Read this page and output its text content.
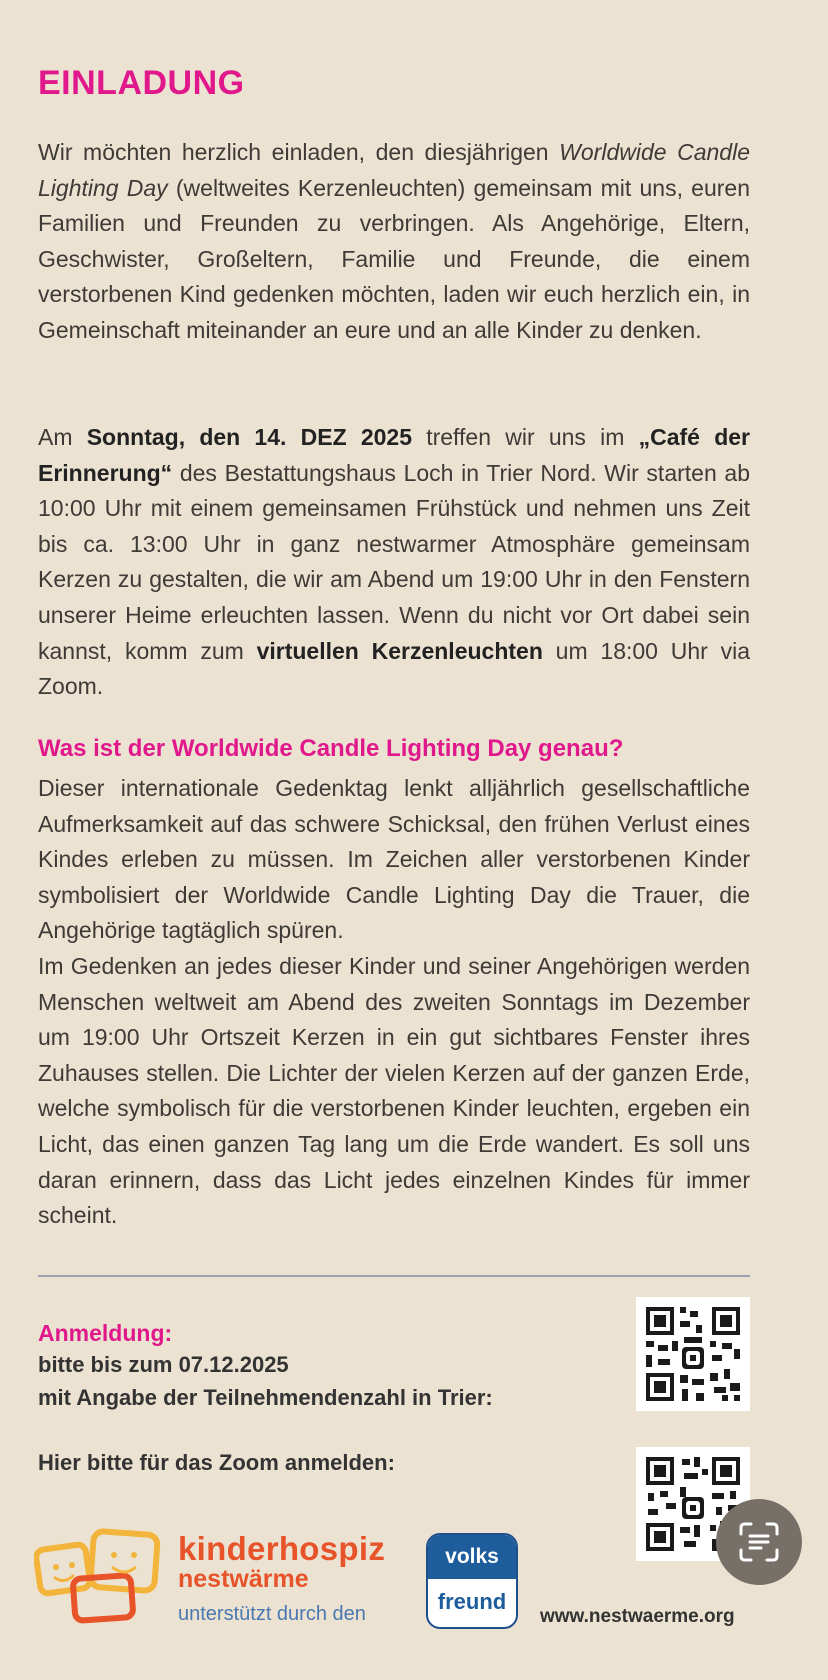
EINLADUNG
Wir möchten herzlich einladen, den diesjährigen Worldwide Candle Lighting Day (weltweites Kerzenleuchten) gemeinsam mit uns, euren Familien und Freunden zu verbringen. Als Angehörige, Eltern, Geschwister, Großeltern, Familie und Freunde, die einem verstorbenen Kind gedenken möchten, laden wir euch herzlich ein, in Gemeinschaft miteinander an eure und an alle Kinder zu denken.
Am Sonntag, den 14. DEZ 2025 treffen wir uns im „Café der Erinnerung“ des Bestattungshaus Loch in Trier Nord. Wir starten ab 10:00 Uhr mit einem gemeinsamen Frühstück und nehmen uns Zeit bis ca. 13:00 Uhr in ganz nestwarmer Atmosphäre gemeinsam Kerzen zu gestalten, die wir am Abend um 19:00 Uhr in den Fenstern unserer Heime erleuchten lassen. Wenn du nicht vor Ort dabei sein kannst, komm zum virtuellen Kerzenleuchten um 18:00 Uhr via Zoom.
Was ist der Worldwide Candle Lighting Day genau?
Dieser internationale Gedenktag lenkt alljährlich gesellschaftliche Aufmerksamkeit auf das schwere Schicksal, den frühen Verlust eines Kindes erleben zu müssen. Im Zeichen aller verstorbenen Kinder symbolisiert der Worldwide Candle Lighting Day die Trauer, die Angehörige tagtäglich spüren.
Im Gedenken an jedes dieser Kinder und seiner Angehörigen werden Menschen weltweit am Abend des zweiten Sonntags im Dezember um 19:00 Uhr Ortszeit Kerzen in ein gut sichtbares Fenster ihres Zuhauses stellen. Die Lichter der vielen Kerzen auf der ganzen Erde, welche symbolisch für die verstorbenen Kinder leuchten, ergeben ein Licht, das einen ganzen Tag lang um die Erde wandert. Es soll uns daran erinnern, dass das Licht jedes einzelnen Kindes für immer scheint.
Anmeldung:
bitte bis zum 07.12.2025
mit Angabe der Teilnehmendenzahl in Trier:
Hier bitte für das Zoom anmelden:
kinderhospiz
nestwärme
unterstützt durch den
volks
freund
www.nestwaerme.org
